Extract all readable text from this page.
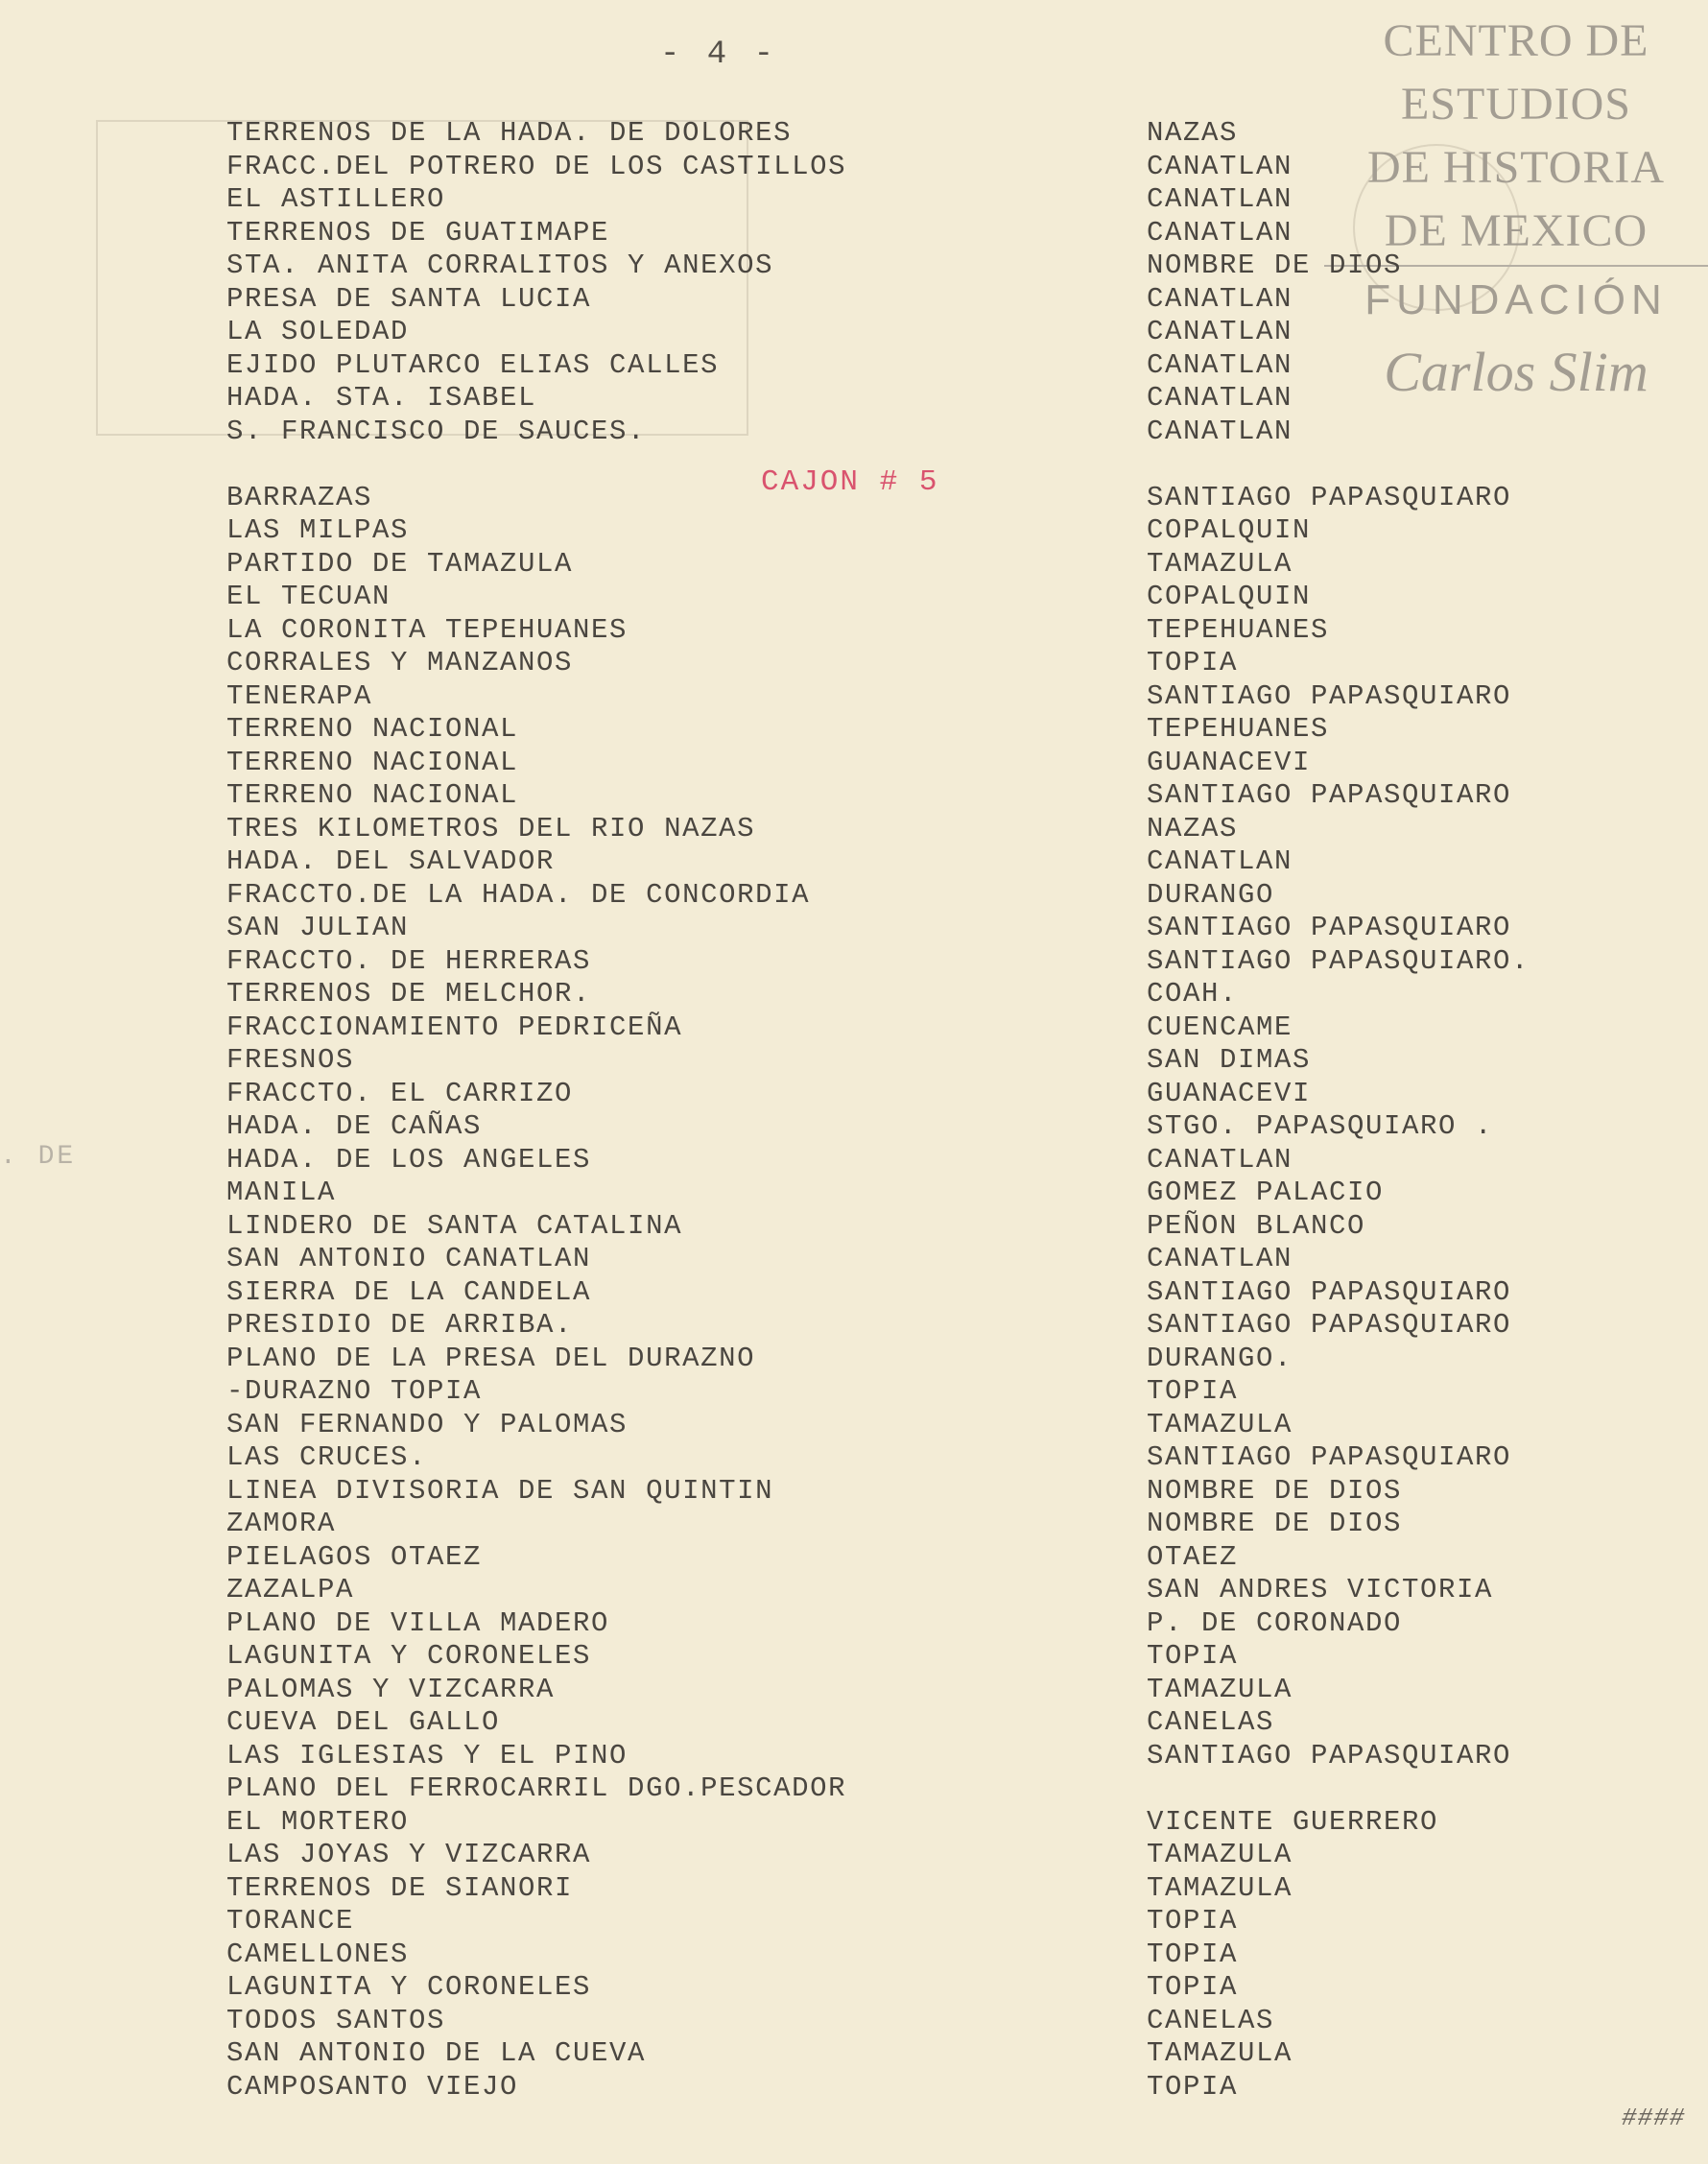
- 4 -	CENTRO DE
ESTUDIOS
DE HISTORIA
DE MEXICO
FUNDACIÓN
Carlos Slim
CAJON # 5
TERRENOS DE LA HADA. DE DOLORES
FRACC.DEL POTRERO DE LOS CASTILLOS
EL ASTILLERO
TERRENOS DE GUATIMAPE
STA. ANITA CORRALITOS Y ANEXOS
PRESA DE SANTA LUCIA
LA SOLEDAD
EJIDO PLUTARCO ELIAS CALLES
HADA. STA. ISABEL
S. FRANCISCO DE SAUCES.
BARRAZAS
LAS MILPAS
PARTIDO DE TAMAZULA
EL TECUAN
LA CORONITA TEPEHUANES
CORRALES Y MANZANOS
TENERAPA
TERRENO NACIONAL
TERRENO NACIONAL
TERRENO NACIONAL
TRES KILOMETROS DEL RIO NAZAS
HADA. DEL SALVADOR
FRACCTO.DE LA HADA. DE CONCORDIA
SAN JULIAN
FRACCTO. DE HERRERAS
TERRENOS DE MELCHOR.
FRACCIONAMIENTO PEDRICEÑA
FRESNOS
FRACCTO. EL CARRIZO
HADA. DE CAÑAS
HADA. DE LOS ANGELES
MANILA
LINDERO DE SANTA CATALINA
SAN ANTONIO CANATLAN
SIERRA DE LA CANDELA
PRESIDIO DE ARRIBA.
PLANO DE LA PRESA DEL DURAZNO
-DURAZNO TOPIA
SAN FERNANDO Y PALOMAS
LAS CRUCES.
LINEA DIVISORIA DE SAN QUINTIN
ZAMORA
PIELAGOS OTAEZ
ZAZALPA
PLANO DE VILLA MADERO
LAGUNITA Y CORONELES
PALOMAS Y VIZCARRA
CUEVA DEL GALLO
LAS IGLESIAS Y EL PINO
PLANO DEL FERROCARRIL DGO.PESCADOR
EL MORTERO
LAS JOYAS Y VIZCARRA
TERRENOS DE SIANORI
TORANCE
CAMELLONES
LAGUNITA Y CORONELES
TODOS SANTOS
SAN ANTONIO DE LA CUEVA
CAMPOSANTO VIEJO
NAZAS
CANATLAN
CANATLAN
CANATLAN
NOMBRE DE DIOS
CANATLAN
CANATLAN
CANATLAN
CANATLAN
CANATLAN
SANTIAGO PAPASQUIARO
COPALQUIN
TAMAZULA
COPALQUIN
TEPEHUANES
TOPIA
SANTIAGO PAPASQUIARO
TEPEHUANES
GUANACEVI
SANTIAGO PAPASQUIARO
NAZAS
CANATLAN
DURANGO
SANTIAGO PAPASQUIARO
SANTIAGO PAPASQUIARO.
COAH.
CUENCAME
SAN DIMAS
GUANACEVI
STGO. PAPASQUIARO .
CANATLAN
GOMEZ PALACIO
PEÑON BLANCO
CANATLAN
SANTIAGO PAPASQUIARO
SANTIAGO PAPASQUIARO
DURANGO.
TOPIA
TAMAZULA
SANTIAGO PAPASQUIARO
NOMBRE DE DIOS
NOMBRE DE DIOS
OTAEZ
SAN ANDRES VICTORIA
P. DE CORONADO
TOPIA
TAMAZULA
CANELAS
SANTIAGO PAPASQUIARO
VICENTE GUERRERO
TAMAZULA
TAMAZULA
TOPIA
TOPIA
TOPIA
CANELAS
TAMAZULA
TOPIA
. DE
####
